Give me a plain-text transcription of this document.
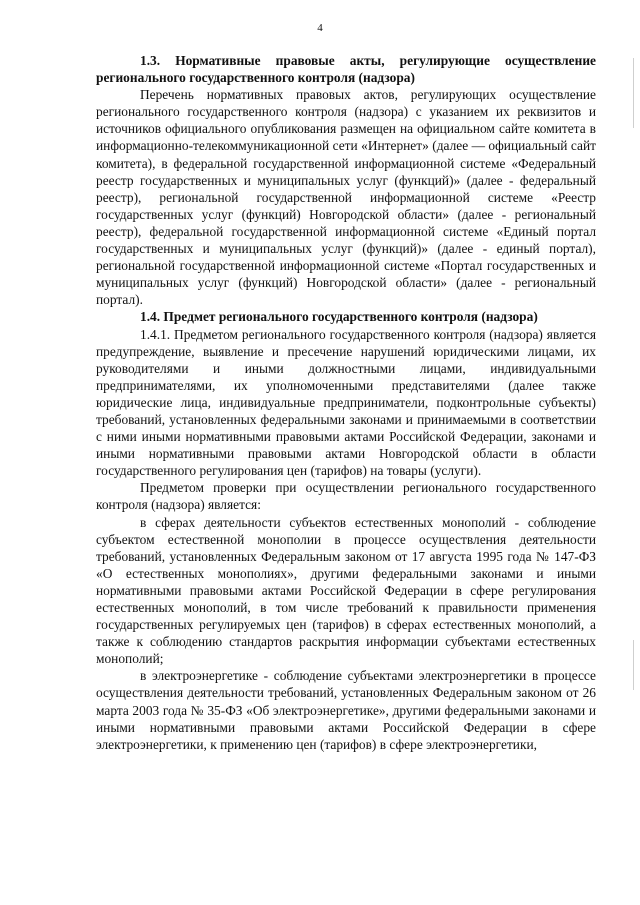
4

1.3. Нормативные правовые акты, регулирующие осуществление регионального государственного контроля (надзора)

Перечень нормативных правовых актов, регулирующих осуществление регионального государственного контроля (надзора) с указанием их реквизитов и источников официального опубликования размещен на официальном сайте комитета в информационно-телекоммуникационной сети «Интернет» (далее — официальный сайт комитета), в федеральной государственной информационной системе «Федеральный реестр государственных и муниципальных услуг (функций)» (далее - федеральный реестр), региональной государственной информационной системе «Реестр государственных услуг (функций) Новгородской области» (далее - региональный реестр), федеральной государственной информационной системе «Единый портал государственных и муниципальных услуг (функций)» (далее - единый портал), региональной государственной информационной системе «Портал государственных и муниципальных услуг (функций) Новгородской области» (далее - региональный портал).

1.4. Предмет регионального государственного контроля (надзора)

1.4.1. Предметом регионального государственного контроля (надзора) является предупреждение, выявление и пресечение нарушений юридическими лицами, их руководителями и иными должностными лицами, индивидуальными предпринимателями, их уполномоченными представителями (далее также юридические лица, индивидуальные предприниматели, подконтрольные субъекты) требований, установленных федеральными законами и принимаемыми в соответствии с ними иными нормативными правовыми актами Российской Федерации, законами и иными нормативными правовыми актами Новгородской области в области государственного регулирования цен (тарифов) на товары (услуги).

Предметом проверки при осуществлении регионального государственного контроля (надзора) является:

в сферах деятельности субъектов естественных монополий - соблюдение субъектом естественной монополии в процессе осуществления деятельности требований, установленных Федеральным законом от 17 августа 1995 года № 147-ФЗ «О естественных монополиях», другими федеральными законами и иными нормативными правовыми актами Российской Федерации в сфере регулирования естественных монополий, в том числе требований к правильности применения государственных регулируемых цен (тарифов) в сферах естественных монополий, а также к соблюдению стандартов раскрытия информации субъектами естественных монополий;

в электроэнергетике - соблюдение субъектами электроэнергетики в процессе осуществления деятельности требований, установленных Федеральным законом от 26 марта 2003 года № 35-ФЗ «Об электроэнергетике», другими федеральными законами и иными нормативными правовыми актами Российской Федерации в сфере электроэнергетики, к применению цен (тарифов) в сфере электроэнергетики,
